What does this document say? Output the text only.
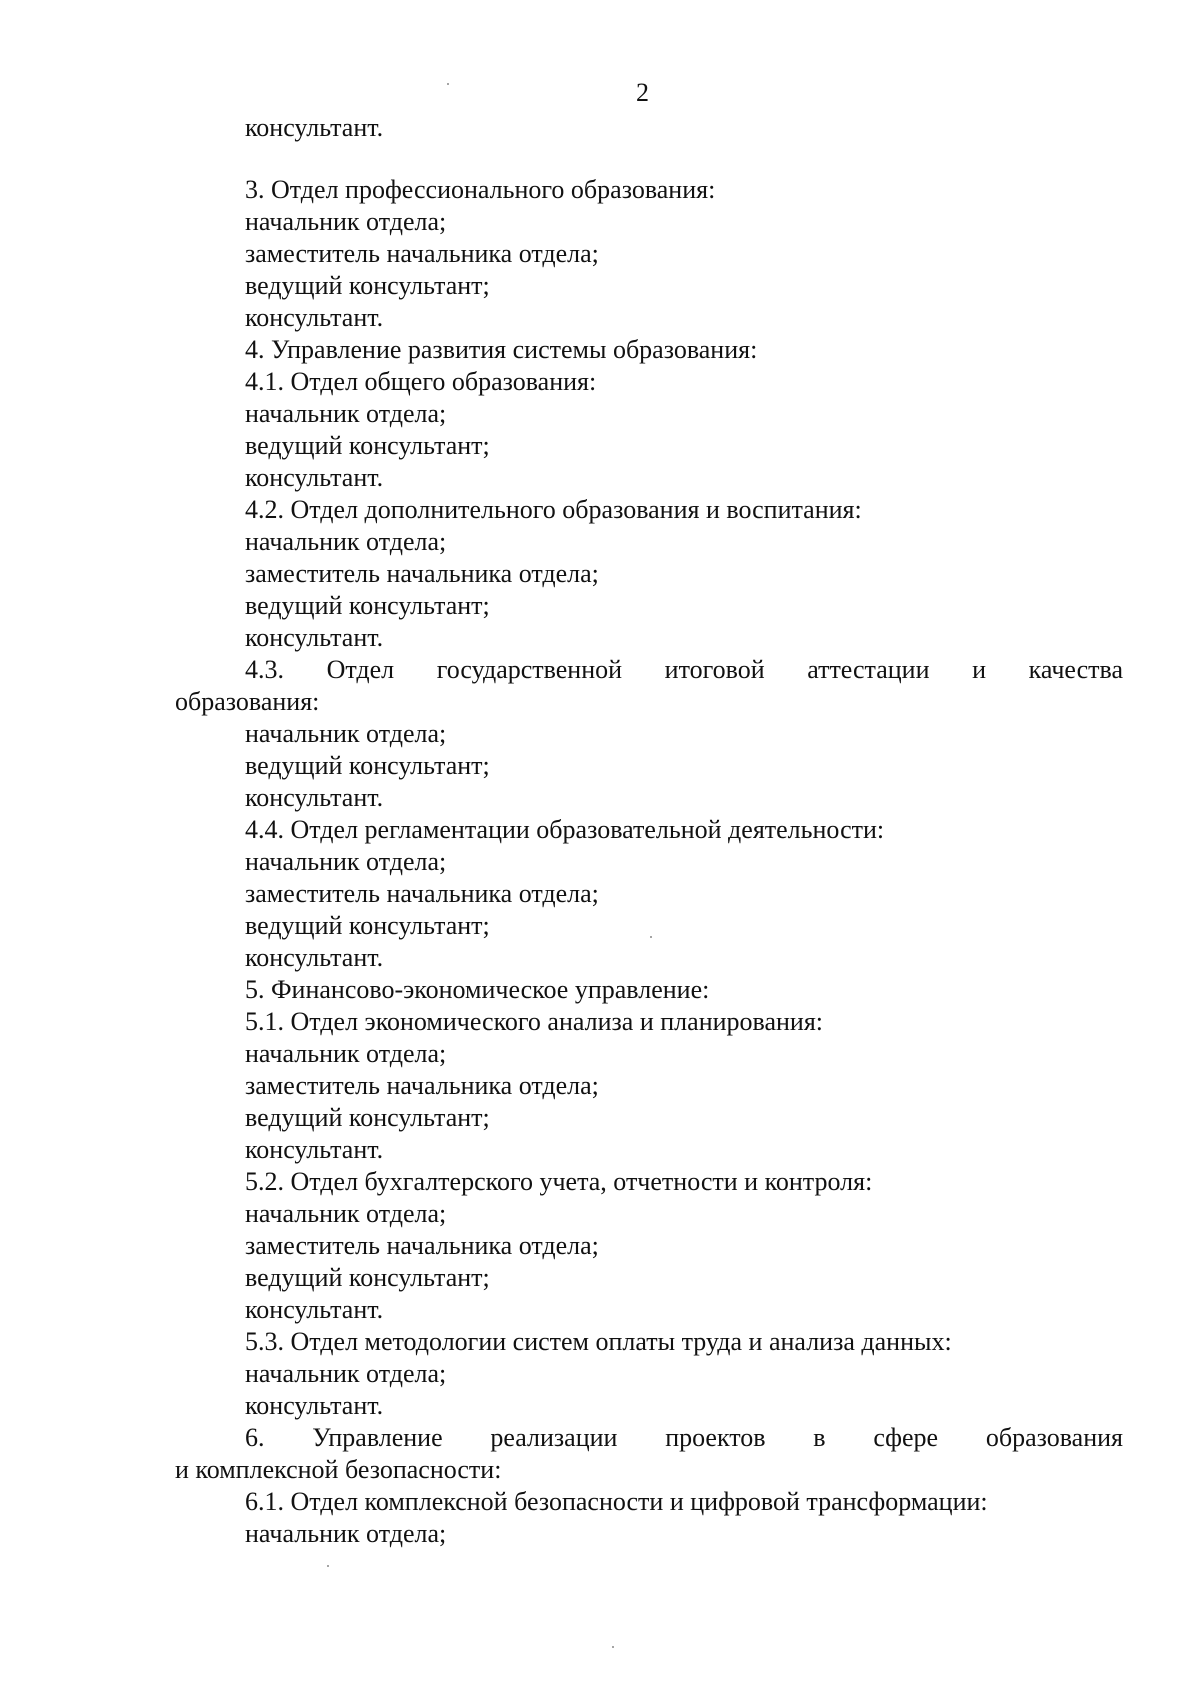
2
консультант.
3. Отдел профессионального образования:
начальник отдела;
заместитель начальника отдела;
ведущий консультант;
консультант.
4. Управление развития системы образования:
4.1. Отдел общего образования:
начальник отдела;
ведущий консультант;
консультант.
4.2. Отдел дополнительного образования и воспитания:
начальник отдела;
заместитель начальника отдела;
ведущий консультант;
консультант.
4.3. Отдел государственной итоговой аттестации и качества
образования:
начальник отдела;
ведущий консультант;
консультант.
4.4. Отдел регламентации образовательной деятельности:
начальник отдела;
заместитель начальника отдела;
ведущий консультант;
консультант.
5. Финансово-экономическое управление:
5.1. Отдел экономического анализа и планирования:
начальник отдела;
заместитель начальника отдела;
ведущий консультант;
консультант.
5.2. Отдел бухгалтерского учета, отчетности и контроля:
начальник отдела;
заместитель начальника отдела;
ведущий консультант;
консультант.
5.3. Отдел методологии систем оплаты труда и анализа данных:
начальник отдела;
консультант.
6. Управление реализации проектов в сфере образования
и комплексной безопасности:
6.1. Отдел комплексной безопасности и цифровой трансформации:
начальник отдела;
